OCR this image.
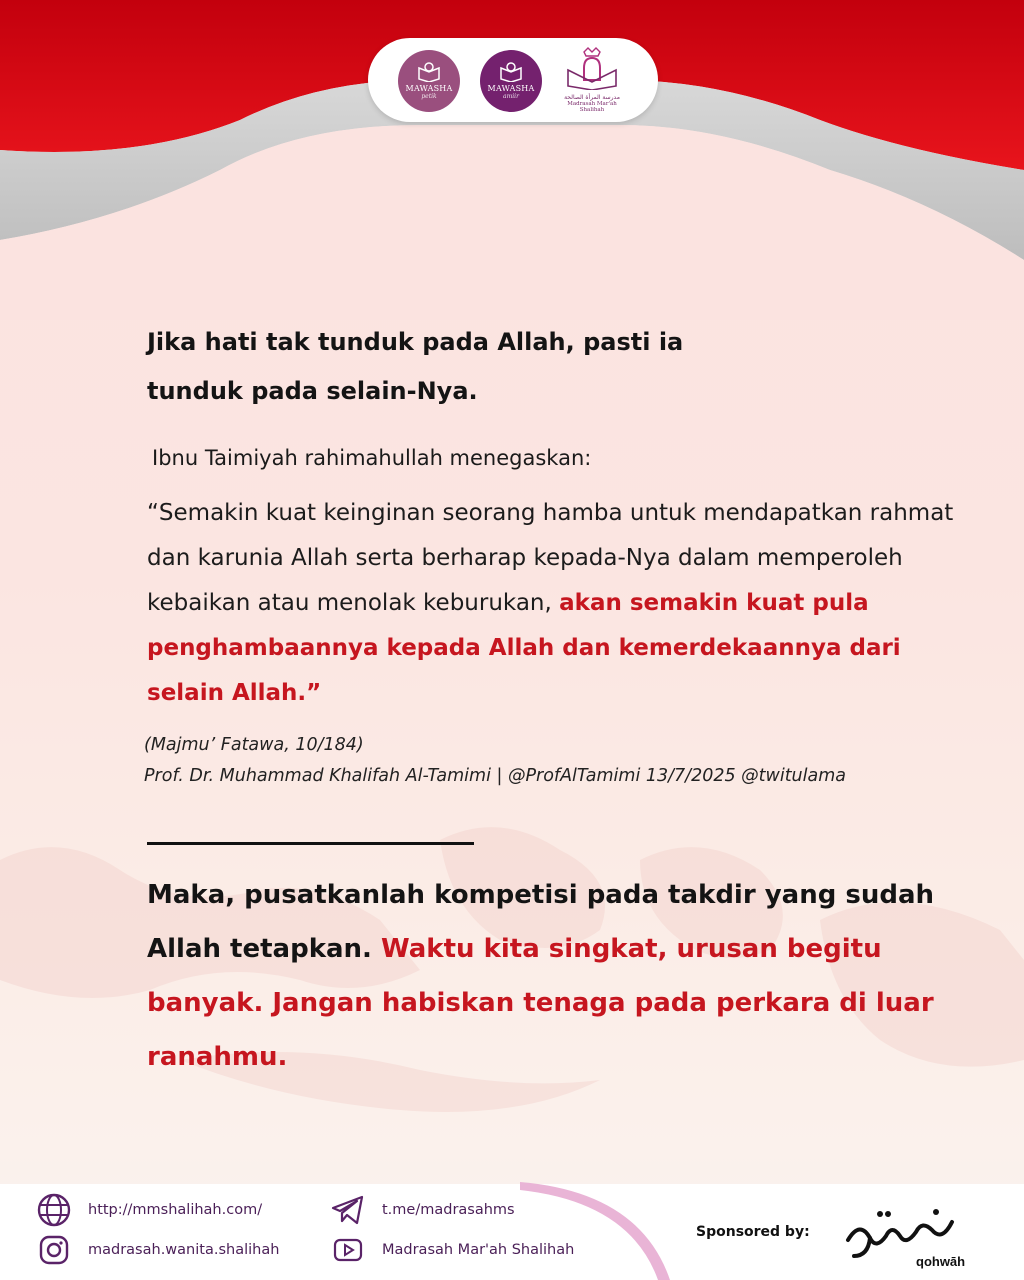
MAWASHA
petik
MAWASHA
amiir	مدرسة المرأة الصالحة
Madrasah Mar'ah Shalihah
Jika hati tak tunduk pada Allah, pasti ia
tunduk pada selain-Nya.
Ibnu Taimiyah rahimahullah menegaskan:

“Semakin kuat keinginan seorang hamba untuk mendapatkan rahmat dan karunia Allah serta berharap kepada-Nya dalam memperoleh kebaikan atau menolak keburukan, akan semakin kuat pula penghambaannya kepada Allah dan kemerdekaannya dari selain Allah.”

(Majmu’ Fatawa, 10/184)
Prof. Dr. Muhammad Khalifah Al-Tamimi | @ProfAlTamimi 13/7/2025 @twitulama

Maka, pusatkanlah kompetisi pada takdir yang sudah Allah tetapkan. Waktu kita singkat, urusan begitu banyak. Jangan habiskan tenaga pada perkara di luar ranahmu.

http://mmshalihah.com/
madrasah.wanita.shalihah
t.me/madrasahms
Madrasah Mar'ah Shalihah
Sponsored by:
qohwāh
